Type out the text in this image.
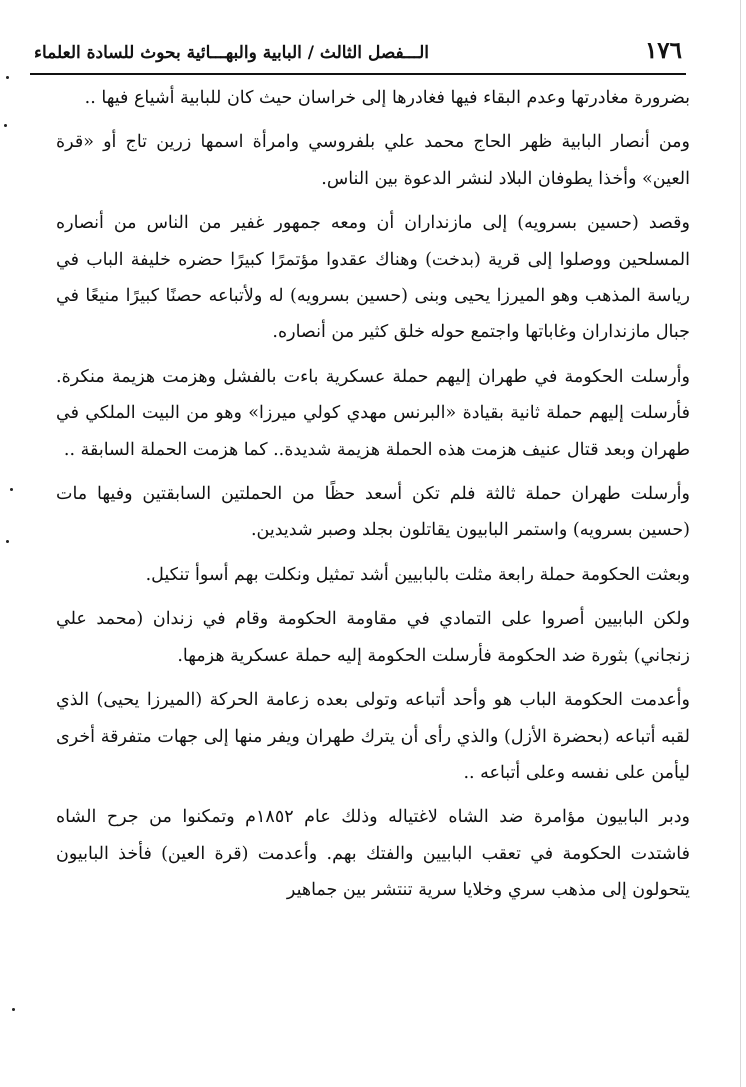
١٧٦
الـــفصل الثالث / البابية والبهـــائية بحوث للسادة العلماء

بضرورة مغادرتها وعدم البقاء فيها فغادرها إلى خراسان حيث كان للبابية أشياع فيها ..

ومن أنصار البابية ظهر الحاج محمد علي بلفروسي وامرأة اسمها زرين تاج أو «قرة العين» وأخذا يطوفان البلاد لنشر الدعوة بين الناس.

وقصد (حسين بسرويه) إلى مازنداران أن ومعه جمهور غفير من الناس من أنصاره المسلحين ووصلوا إلى قرية (بدخت) وهناك عقدوا مؤتمرًا كبيرًا حضره خليفة الباب في رياسة المذهب وهو الميرزا يحيى وبنى (حسين بسرويه) له ولأتباعه حصنًا كبيرًا منيعًا في جبال مازنداران وغاباتها واجتمع حوله خلق كثير من أنصاره.

وأرسلت الحكومة في طهران إليهم حملة عسكرية باءت بالفشل وهزمت هزيمة منكرة. فأرسلت إليهم حملة ثانية بقيادة «البرنس مهدي كولي ميرزا» وهو من البيت الملكي في طهران وبعد قتال عنيف هزمت هذه الحملة هزيمة شديدة.. كما هزمت الحملة السابقة ..

وأرسلت طهران حملة ثالثة فلم تكن أسعد حظًا من الحملتين السابقتين وفيها مات (حسين بسرويه) واستمر البابيون يقاتلون بجلد وصبر شديدين.

وبعثت الحكومة حملة رابعة مثلت بالبابيين أشد تمثيل ونكلت بهم أسوأ تنكيل.

ولكن البابيين أصروا على التمادي في مقاومة الحكومة وقام في زندان (محمد علي زنجاني) بثورة ضد الحكومة فأرسلت الحكومة إليه حملة عسكرية هزمها.

وأعدمت الحكومة الباب هو وأحد أتباعه وتولى بعده زعامة الحركة (الميرزا يحيى) الذي لقبه أتباعه (بحضرة الأزل) والذي رأى أن يترك طهران ويفر منها إلى جهات متفرقة أخرى ليأمن على نفسه وعلى أتباعه ..

ودبر البابيون مؤامرة ضد الشاه لاغتياله وذلك عام ١٨٥٢م وتمكنوا من جرح الشاه فاشتدت الحكومة في تعقب البابيين والفتك بهم. وأعدمت (قرة العين) فأخذ البابيون يتحولون إلى مذهب سري وخلايا سرية تنتشر بين جماهير
